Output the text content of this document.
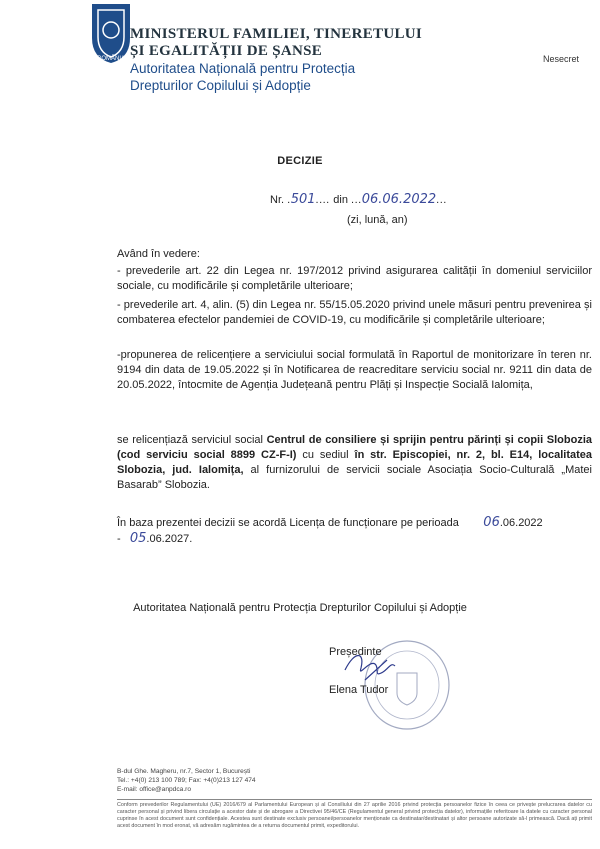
ROMÂNIA
MINISTERUL FAMILIEI, TINERETULUI
ȘI EGALITĂȚII DE ȘANSE
Autoritatea Națională pentru Protecția
Drepturilor Copilului și Adopție
Nesecret
DECIZIE
Nr. .501.... din ...06.06.2022...
(zi, lună, an)
Având în vedere:
- prevederile art. 22 din Legea nr. 197/2012 privind asigurarea calității în domeniul serviciilor sociale, cu modificările și completările ulterioare;
- prevederile art. 4, alin. (5) din Legea nr. 55/15.05.2020 privind unele măsuri pentru prevenirea și combaterea efectelor pandemiei de COVID-19, cu modificările și completările ulterioare;
-propunerea de relicențiere a serviciului social formulată în Raportul de monitorizare în teren nr. 9194 din data de 19.05.2022 și în Notificarea de reacreditare serviciu social nr. 9211 din data de 20.05.2022, întocmite de Agenția Județeană pentru Plăți și Inspecție Socială Ialomița,
se relicențiază serviciul social Centrul de consiliere și sprijin pentru părinți și copii Slobozia (cod serviciu social 8899 CZ-F-I) cu sediul în str. Episcopiei, nr. 2, bl. E14, localitatea Slobozia, jud. Ialomița, al furnizorului de servicii sociale Asociația Socio-Culturală „Matei Basarab” Slobozia.
În baza prezentei decizii se acordă Licența de funcționare pe perioada 06.06.2022
- 05.06.2027.
Autoritatea Națională pentru Protecția Drepturilor Copilului și Adopție
Președinte
Elena Tudor
B-dul Ghe. Magheru, nr.7, Sector 1, București
Tel.: +4(0) 213 100 789; Fax: +4(0)213 127 474
E-mail: office@anpdca.ro
Conform prevederilor Regulamentului (UE) 2016/679 al Parlamentului European și al Consiliului din 27 aprilie 2016 privind protecția persoanelor fizice în ceea ce privește prelucrarea datelor cu caracter personal și privind libera circulație a acestor date și de abrogare a Directivei 95/46/CE (Regulamentul general privind protecția datelor), informațiile referitoare la datele cu caracter personal cuprinse în acest document sunt confidențiale. Acestea sunt destinate exclusiv persoanei/persoanelor menționate ca destinatar/destinatari și altor persoane autorizate să-l primească. Dacă ați primit acest document în mod eronat, vă adresăm rugămintea de a returna documentul primit, expeditorului.
